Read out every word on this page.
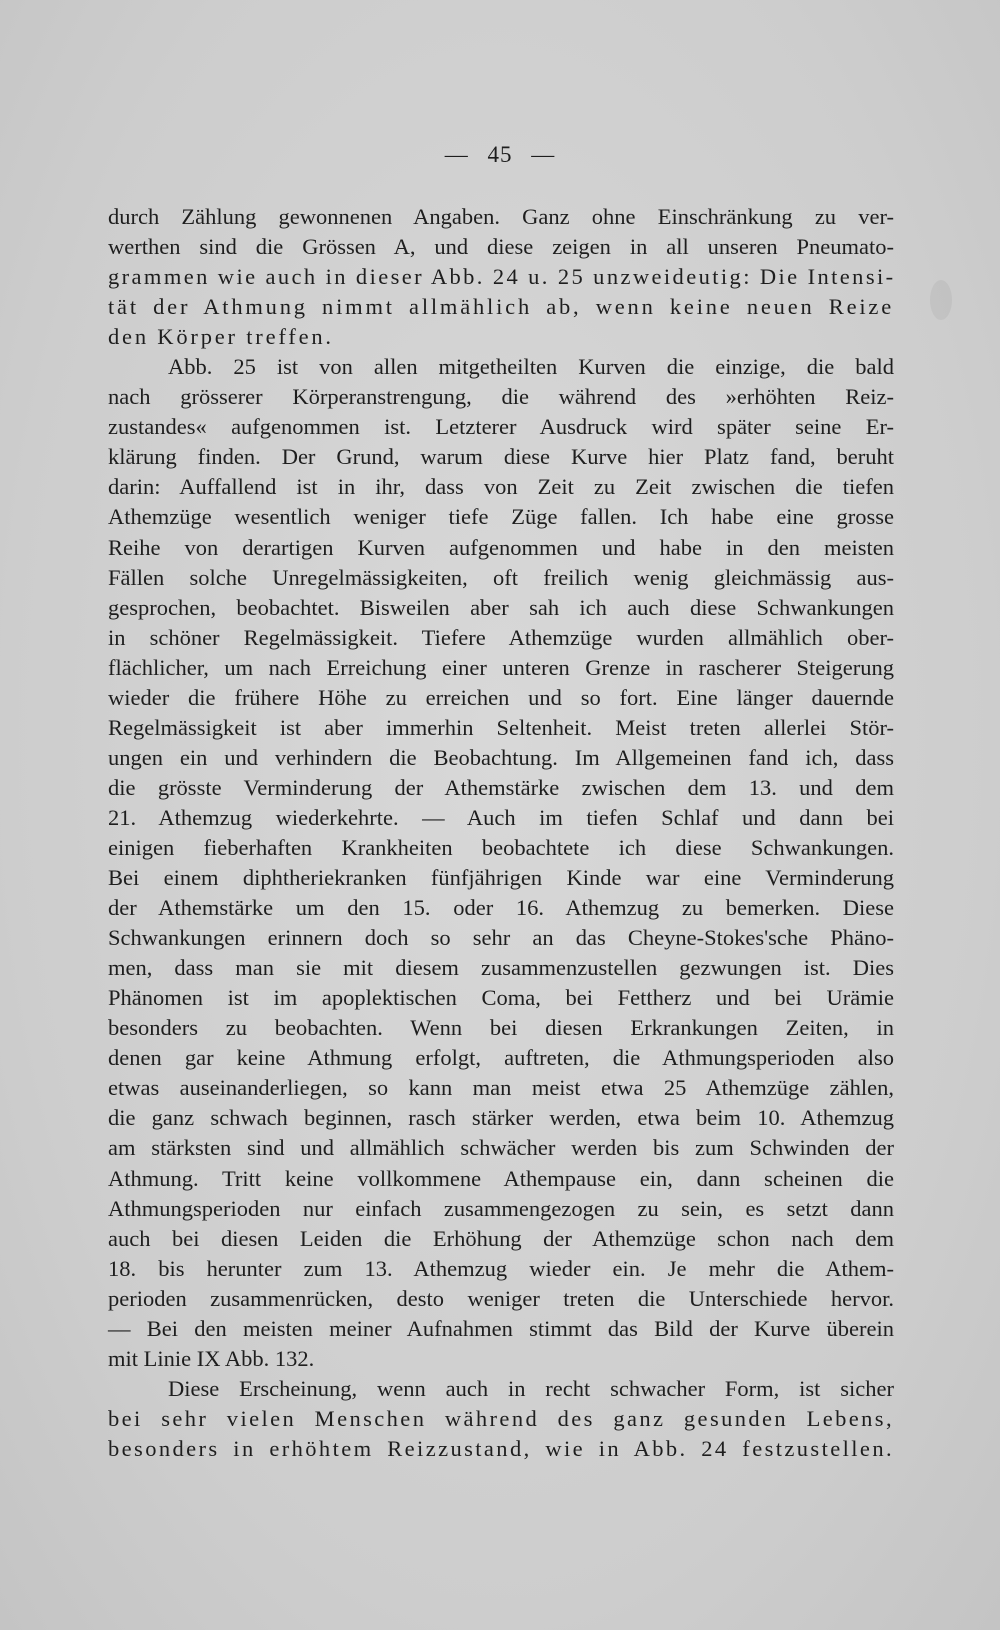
— 45 —
durch Zählung gewonnenen Angaben. Ganz ohne Einschränkung zu ver-
werthen sind die Grössen A, und diese zeigen in all unseren Pneumato-
grammen wie auch in dieser Abb. 24 u. 25 unzweideutig: Die Intensi-
tät der Athmung nimmt allmählich ab, wenn keine neuen Reize
den Körper treffen.
Abb. 25 ist von allen mitgetheilten Kurven die einzige, die bald
nach grösserer Körperanstrengung, die während des »erhöhten Reiz-
zustandes« aufgenommen ist. Letzterer Ausdruck wird später seine Er-
klärung finden. Der Grund, warum diese Kurve hier Platz fand, beruht
darin: Auffallend ist in ihr, dass von Zeit zu Zeit zwischen die tiefen
Athemzüge wesentlich weniger tiefe Züge fallen. Ich habe eine grosse
Reihe von derartigen Kurven aufgenommen und habe in den meisten
Fällen solche Unregelmässigkeiten, oft freilich wenig gleichmässig aus-
gesprochen, beobachtet. Bisweilen aber sah ich auch diese Schwankungen
in schöner Regelmässigkeit. Tiefere Athemzüge wurden allmählich ober-
flächlicher, um nach Erreichung einer unteren Grenze in rascherer Steigerung
wieder die frühere Höhe zu erreichen und so fort. Eine länger dauernde
Regelmässigkeit ist aber immerhin Seltenheit. Meist treten allerlei Stör-
ungen ein und verhindern die Beobachtung. Im Allgemeinen fand ich, dass
die grösste Verminderung der Athemstärke zwischen dem 13. und dem
21. Athemzug wiederkehrte. — Auch im tiefen Schlaf und dann bei
einigen fieberhaften Krankheiten beobachtete ich diese Schwankungen.
Bei einem diphtheriekranken fünfjährigen Kinde war eine Verminderung
der Athemstärke um den 15. oder 16. Athemzug zu bemerken. Diese
Schwankungen erinnern doch so sehr an das Cheyne-Stokes'sche Phäno-
men, dass man sie mit diesem zusammenzustellen gezwungen ist. Dies
Phänomen ist im apoplektischen Coma, bei Fettherz und bei Urämie
besonders zu beobachten. Wenn bei diesen Erkrankungen Zeiten, in
denen gar keine Athmung erfolgt, auftreten, die Athmungsperioden also
etwas auseinanderliegen, so kann man meist etwa 25 Athemzüge zählen,
die ganz schwach beginnen, rasch stärker werden, etwa beim 10. Athemzug
am stärksten sind und allmählich schwächer werden bis zum Schwinden der
Athmung. Tritt keine vollkommene Athempause ein, dann scheinen die
Athmungsperioden nur einfach zusammengezogen zu sein, es setzt dann
auch bei diesen Leiden die Erhöhung der Athemzüge schon nach dem
18. bis herunter zum 13. Athemzug wieder ein. Je mehr die Athem-
perioden zusammenrücken, desto weniger treten die Unterschiede hervor.
— Bei den meisten meiner Aufnahmen stimmt das Bild der Kurve überein
mit Linie IX Abb. 132.
Diese Erscheinung, wenn auch in recht schwacher Form, ist sicher
bei sehr vielen Menschen während des ganz gesunden Lebens,
besonders in erhöhtem Reizzustand, wie in Abb. 24 festzustellen.
